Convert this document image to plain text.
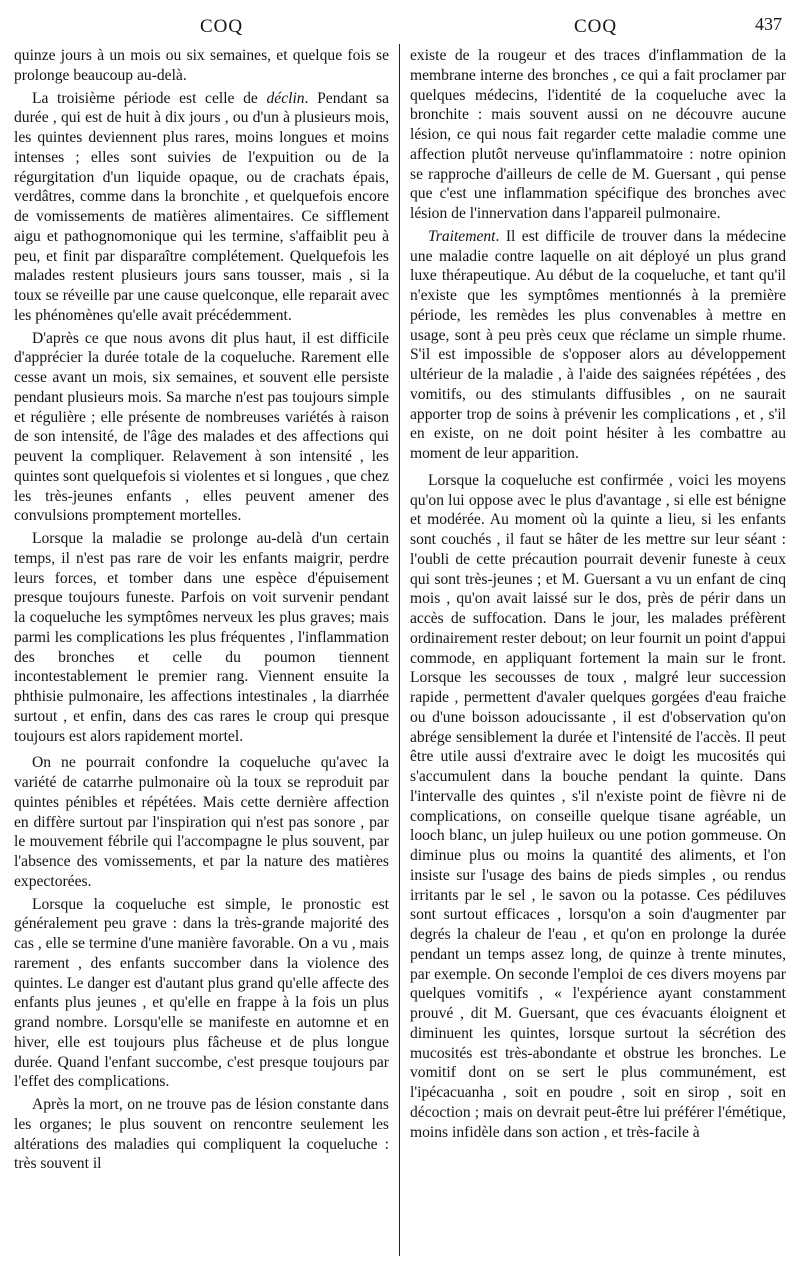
COQ	COQ	437

quinze jours à un mois ou six semaines, et quelque fois se prolonge beaucoup au-delà.

La troisième période est celle de déclin. Pendant sa durée , qui est de huit à dix jours , ou d'un à plusieurs mois, les quintes deviennent plus rares, moins longues et moins intenses ; elles sont suivies de l'expuition ou de la régurgitation d'un liquide opaque, ou de crachats épais, verdâtres, comme dans la bronchite , et quelquefois encore de vomissements de matières alimentaires. Ce sifflement aigu et pathognomonique qui les termine, s'affaiblit peu à peu, et finit par disparaître complétement. Quelquefois les malades restent plusieurs jours sans tousser, mais , si la toux se réveille par une cause quelconque, elle reparait avec les phénomènes qu'elle avait précédemment.

D'après ce que nous avons dit plus haut, il est difficile d'apprécier la durée totale de la coqueluche. Rarement elle cesse avant un mois, six semaines, et souvent elle persiste pendant plusieurs mois. Sa marche n'est pas toujours simple et régulière ; elle présente de nombreuses variétés à raison de son intensité, de l'âge des malades et des affections qui peuvent la compliquer. Relavement à son intensité , les quintes sont quelquefois si violentes et si longues , que chez les très-jeunes enfants , elles peuvent amener des convulsions promptement mortelles.

Lorsque la maladie se prolonge au-delà d'un certain temps, il n'est pas rare de voir les enfants maigrir, perdre leurs forces, et tomber dans une espèce d'épuisement presque toujours funeste. Parfois on voit survenir pendant la coqueluche les symptômes nerveux les plus graves; mais parmi les complications les plus fréquentes , l'inflammation des bronches et celle du poumon tiennent incontestablement le premier rang. Viennent ensuite la phthisie pulmonaire, les affections intestinales , la diarrhée surtout , et enfin, dans des cas rares le croup qui presque toujours est alors rapidement mortel.

On ne pourrait confondre la coqueluche qu'avec la variété de catarrhe pulmonaire où la toux se reproduit par quintes pénibles et répétées. Mais cette dernière affection en diffère surtout par l'inspiration qui n'est pas sonore , par le mouvement fébrile qui l'accompagne le plus souvent, par l'absence des vomissements, et par la nature des matières expectorées.

Lorsque la coqueluche est simple, le pronostic est généralement peu grave : dans la très-grande majorité des cas , elle se termine d'une manière favorable. On a vu , mais rarement , des enfants succomber dans la violence des quintes. Le danger est d'autant plus grand qu'elle affecte des enfants plus jeunes , et qu'elle en frappe à la fois un plus grand nombre. Lorsqu'elle se manifeste en automne et en hiver, elle est toujours plus fâcheuse et de plus longue durée. Quand l'enfant succombe, c'est presque toujours par l'effet des complications.

Après la mort, on ne trouve pas de lésion constante dans les organes; le plus souvent on rencontre seulement les altérations des maladies qui compliquent la coqueluche : très souvent il

existe de la rougeur et des traces d'inflammation de la membrane interne des bronches , ce qui a fait proclamer par quelques médecins, l'identité de la coqueluche avec la bronchite : mais souvent aussi on ne découvre aucune lésion, ce qui nous fait regarder cette maladie comme une affection plutôt nerveuse qu'inflammatoire : notre opinion se rapproche d'ailleurs de celle de M. Guersant , qui pense que c'est une inflammation spécifique des bronches avec lésion de l'innervation dans l'appareil pulmonaire.

Traitement. Il est difficile de trouver dans la médecine une maladie contre laquelle on ait déployé un plus grand luxe thérapeutique. Au début de la coqueluche, et tant qu'il n'existe que les symptômes mentionnés à la première période, les remèdes les plus convenables à mettre en usage, sont à peu près ceux que réclame un simple rhume. S'il est impossible de s'opposer alors au développement ultérieur de la maladie , à l'aide des saignées répétées , des vomitifs, ou des stimulants diffusibles , on ne saurait apporter trop de soins à prévenir les complications , et , s'il en existe, on ne doit point hésiter à les combattre au moment de leur apparition.

Lorsque la coqueluche est confirmée , voici les moyens qu'on lui oppose avec le plus d'avantage , si elle est bénigne et modérée. Au moment où la quinte a lieu, si les enfants sont couchés , il faut se hâter de les mettre sur leur séant : l'oubli de cette précaution pourrait devenir funeste à ceux qui sont très-jeunes ; et M. Guersant a vu un enfant de cinq mois , qu'on avait laissé sur le dos, près de périr dans un accès de suffocation. Dans le jour, les malades préfèrent ordinairement rester debout; on leur fournit un point d'appui commode, en appliquant fortement la main sur le front. Lorsque les secousses de toux , malgré leur succession rapide , permettent d'avaler quelques gorgées d'eau fraiche ou d'une boisson adoucissante , il est d'observation qu'on abrége sensiblement la durée et l'intensité de l'accès. Il peut être utile aussi d'extraire avec le doigt les mucosités qui s'accumulent dans la bouche pendant la quinte. Dans l'intervalle des quintes , s'il n'existe point de fièvre ni de complications, on conseille quelque tisane agréable, un looch blanc, un julep huileux ou une potion gommeuse. On diminue plus ou moins la quantité des aliments, et l'on insiste sur l'usage des bains de pieds simples , ou rendus irritants par le sel , le savon ou la potasse. Ces pédiluves sont surtout efficaces , lorsqu'on a soin d'augmenter par degrés la chaleur de l'eau , et qu'on en prolonge la durée pendant un temps assez long, de quinze à trente minutes, par exemple. On seconde l'emploi de ces divers moyens par quelques vomitifs , « l'expérience ayant constamment prouvé , dit M. Guersant, que ces évacuants éloignent et diminuent les quintes, lorsque surtout la sécrétion des mucosités est très-abondante et obstrue les bronches. Le vomitif dont on se sert le plus communément, est l'ipécacuanha , soit en poudre , soit en sirop , soit en décoction ; mais on devrait peut-être lui préférer l'émétique, moins infidèle dans son action , et très-facile à
